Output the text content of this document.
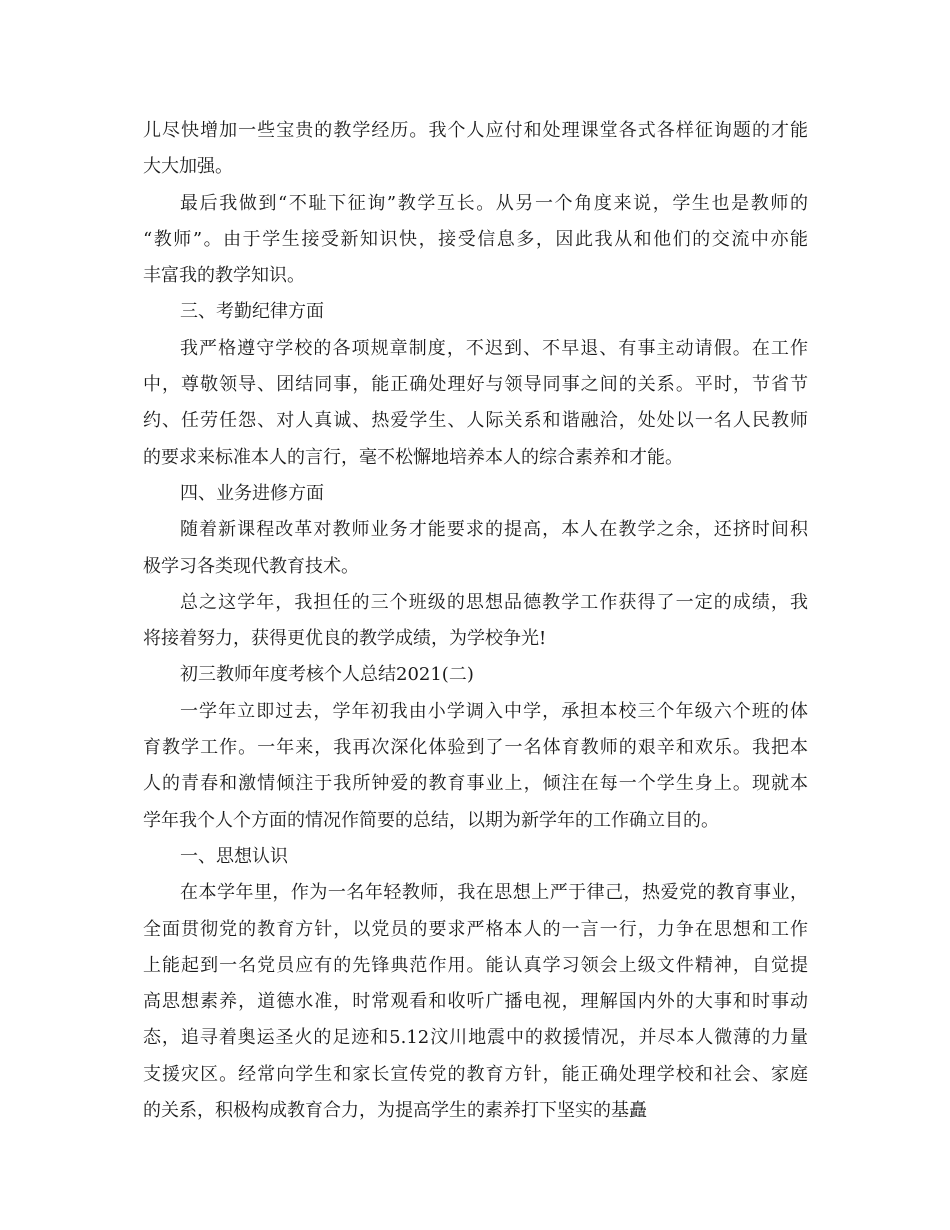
儿尽快增加一些宝贵的教学经历。我个人应付和处理课堂各式各样征询题的才能
大大加强。
最后我做到“不耻下征询”教学互长。从另一个角度来说，学生也是教师的
“教师”。由于学生接受新知识快，接受信息多，因此我从和他们的交流中亦能
丰富我的教学知识。
三、考勤纪律方面
我严格遵守学校的各项规章制度，不迟到、不早退、有事主动请假。在工作
中，尊敬领导、团结同事，能正确处理好与领导同事之间的关系。平时，节省节
约、任劳任怨、对人真诚、热爱学生、人际关系和谐融洽，处处以一名人民教师
的要求来标准本人的言行，毫不松懈地培养本人的综合素养和才能。
四、业务进修方面
随着新课程改革对教师业务才能要求的提高，本人在教学之余，还挤时间积
极学习各类现代教育技术。
总之这学年，我担任的三个班级的思想品德教学工作获得了一定的成绩，我
将接着努力，获得更优良的教学成绩，为学校争光!
初三教师年度考核个人总结2021(二)
一学年立即过去，学年初我由小学调入中学，承担本校三个年级六个班的体
育教学工作。一年来，我再次深化体验到了一名体育教师的艰辛和欢乐。我把本
人的青春和激情倾注于我所钟爱的教育事业上，倾注在每一个学生身上。现就本
学年我个人个方面的情况作简要的总结，以期为新学年的工作确立目的。
一、思想认识
在本学年里，作为一名年轻教师，我在思想上严于律己，热爱党的教育事业，
全面贯彻党的教育方针，以党员的要求严格本人的一言一行，力争在思想和工作
上能起到一名党员应有的先锋典范作用。能认真学习领会上级文件精神，自觉提
高思想素养，道德水准，时常观看和收听广播电视，理解国内外的大事和时事动
态，追寻着奥运圣火的足迹和5.12汶川地震中的救援情况，并尽本人微薄的力量
支援灾区。经常向学生和家长宣传党的教育方针，能正确处理学校和社会、家庭
的关系，积极构成教育合力，为提高学生的素养打下坚实的基矗
